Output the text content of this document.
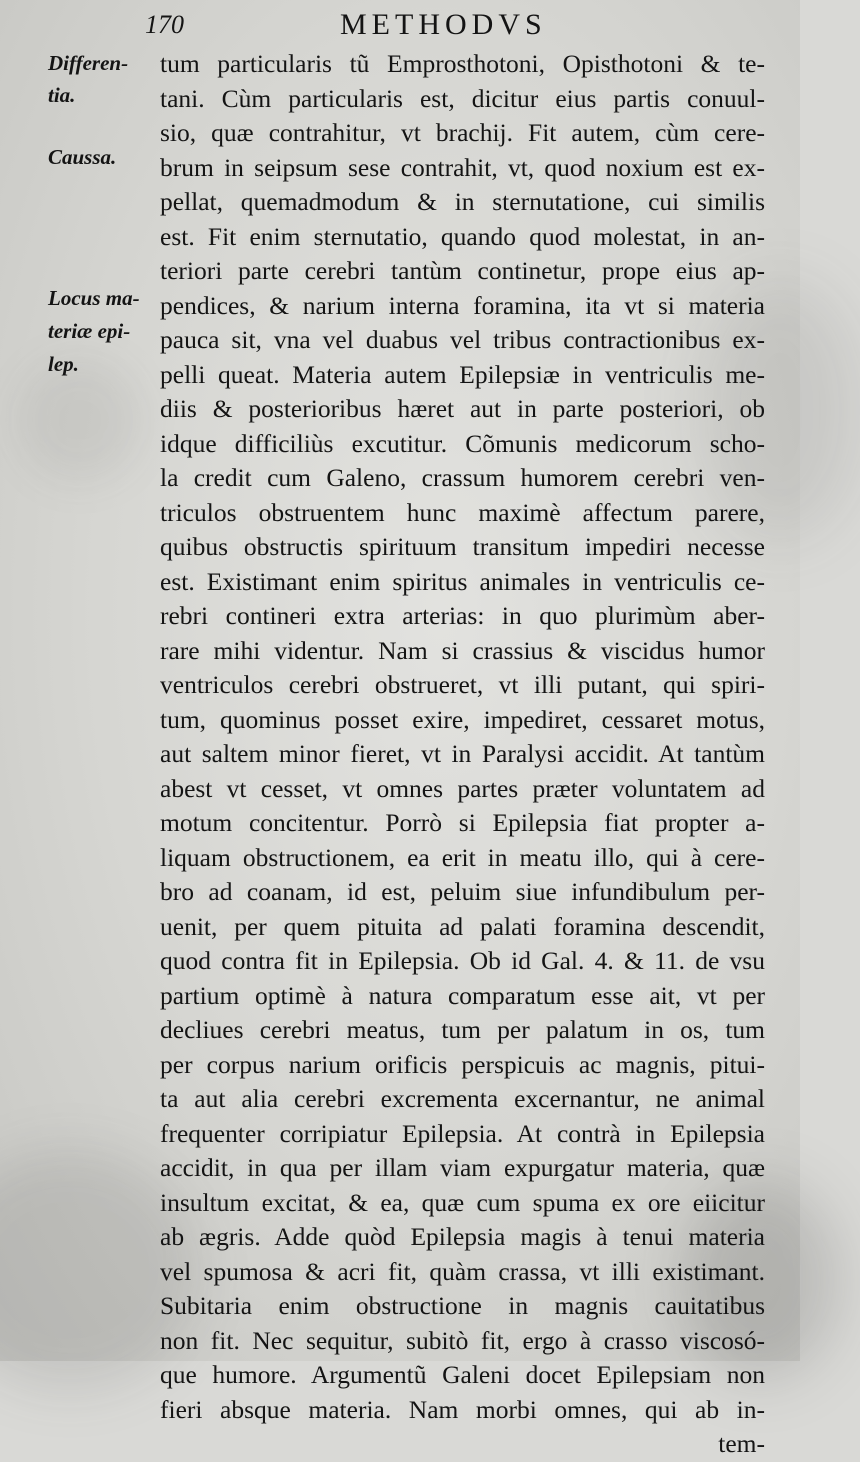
170	METHODVS
Differen-
tia.
Caussa.
Locus ma-
teriæ epi-
lep.
tum particularis tũ Emprosthotoni, Opisthotoni & te-
tani. Cùm particularis est, dicitur eius partis conuul-
sio, quæ contrahitur, vt brachij. Fit autem, cùm cere-
brum in seipsum sese contrahit, vt, quod noxium est ex-
pellat, quemadmodum & in sternutatione, cui similis
est. Fit enim sternutatio, quando quod molestat, in an-
teriori parte cerebri tantùm continetur, prope eius ap-
pendices, & narium interna foramina, ita vt si materia
pauca sit, vna vel duabus vel tribus contractionibus ex-
pelli queat. Materia autem Epilepsiæ in ventriculis me-
diis & posterioribus hæret aut in parte posteriori, ob
idque difficiliùs excutitur. Cõmunis medicorum scho-
la credit cum Galeno, crassum humorem cerebri ven-
triculos obstruentem hunc maximè affectum parere,
quibus obstructis spirituum transitum impediri necesse
est. Existimant enim spiritus animales in ventriculis ce-
rebri contineri extra arterias: in quo plurimùm aber-
rare mihi videntur. Nam si crassius & viscidus humor
ventriculos cerebri obstrueret, vt illi putant, qui spiri-
tum, quominus posset exire, impediret, cessaret motus,
aut saltem minor fieret, vt in Paralysi accidit. At tantùm
abest vt cesset, vt omnes partes præter voluntatem ad
motum concitentur. Porrò si Epilepsia fiat propter a-
liquam obstructionem, ea erit in meatu illo, qui à cere-
bro ad coanam, id est, peluim siue infundibulum per-
uenit, per quem pituita ad palati foramina descendit,
quod contra fit in Epilepsia. Ob id Gal. 4. & 11. de vsu
partium optimè à natura comparatum esse ait, vt per
decliues cerebri meatus, tum per palatum in os, tum
per corpus narium orificis perspicuis ac magnis, pitui-
ta aut alia cerebri excrementa excernantur, ne animal
frequenter corripiatur Epilepsia. At contrà in Epilepsia
accidit, in qua per illam viam expurgatur materia, quæ
insultum excitat, & ea, quæ cum spuma ex ore eiicitur
ab ægris. Adde quòd Epilepsia magis à tenui materia
vel spumosa & acri fit, quàm crassa, vt illi existimant.
Subitaria enim obstructione in magnis cauitatibus
non fit. Nec sequitur, subitò fit, ergo à crasso viscosó-
que humore. Argumentũ Galeni docet Epilepsiam non
fieri absque materia. Nam morbi omnes, qui ab in-
tem-
